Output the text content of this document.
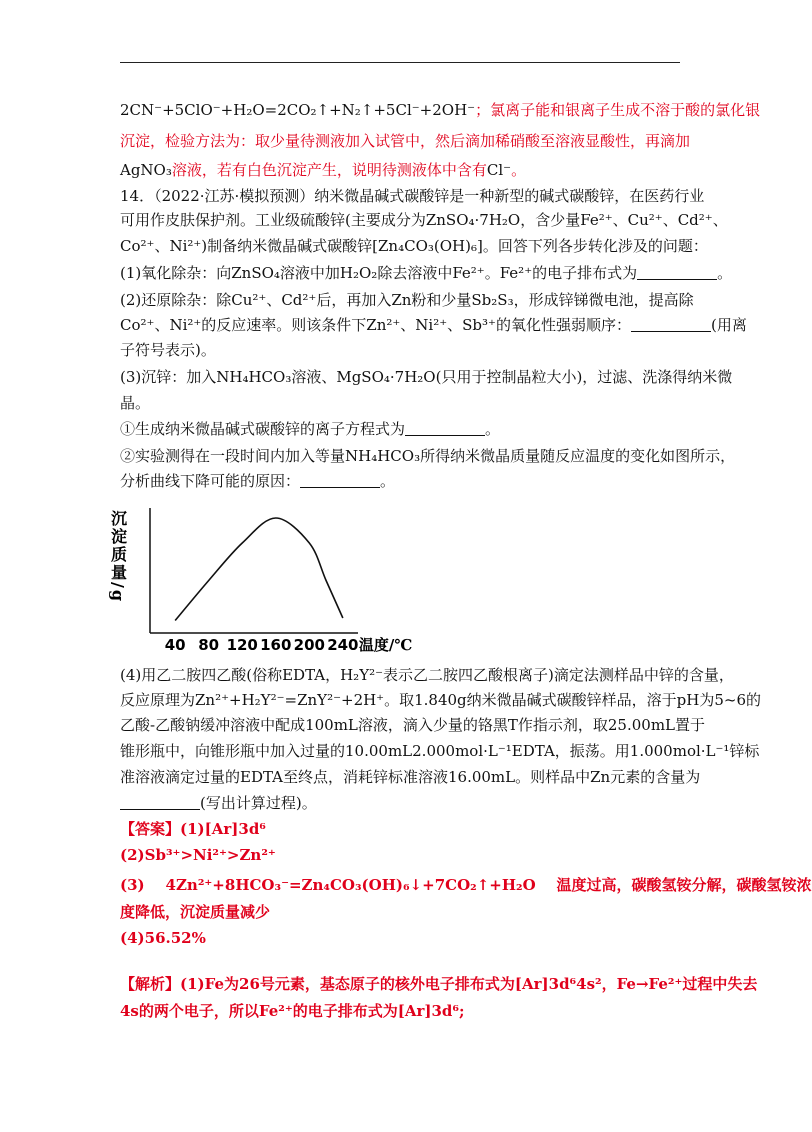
2CN⁻+5ClO⁻+H₂O=2CO₂↑+N₂↑+5Cl⁻+2OH⁻；氯离子能和银离子生成不溶于酸的氯化银
沉淀，检验方法为：取少量待测液加入试管中，然后滴加稀硝酸至溶液显酸性，再滴加
AgNO₃溶液，若有白色沉淀产生，说明待测液体中含有Cl⁻。
14．（2022·江苏·模拟预测）纳米微晶碱式碳酸锌是一种新型的碱式碳酸锌，在医药行业
可用作皮肤保护剂。工业级硫酸锌(主要成分为ZnSO₄·7H₂O，含少量Fe²⁺、Cu²⁺、Cd²⁺、
Co²⁺、Ni²⁺)制备纳米微晶碱式碳酸锌[Zn₄CO₃(OH)₆]。回答下列各步转化涉及的问题：
(1)氧化除杂：向ZnSO₄溶液中加H₂O₂除去溶液中Fe²⁺。Fe²⁺的电子排布式为	。
(2)还原除杂：除Cu²⁺、Cd²⁺后，再加入Zn粉和少量Sb₂S₃，形成锌锑微电池，提高除
Co²⁺、Ni²⁺的反应速率。则该条件下Zn²⁺、Ni²⁺、Sb³⁺的氧化性强弱顺序：	(用离
子符号表示)。
(3)沉锌：加入NH₄HCO₃溶液、MgSO₄·7H₂O(只用于控制晶粒大小)，过滤、洗涤得纳米微
晶。
①生成纳米微晶碱式碳酸锌的离子方程式为	。
②实验测得在一段时间内加入等量NH₄HCO₃所得纳米微晶质量随反应温度的变化如图所示，
分析曲线下降可能的原因：	。
沉淀质量/g
40 80 120 160 200 240 温度/℃
(4)用乙二胺四乙酸(俗称EDTA，H₂Y²⁻表示乙二胺四乙酸根离子)滴定法测样品中锌的含量，
反应原理为Zn²⁺+H₂Y²⁻=ZnY²⁻+2H⁺。取1.840g纳米微晶碱式碳酸锌样品，溶于pH为5~6的
乙酸-乙酸钠缓冲溶液中配成100mL溶液，滴入少量的铬黑T作指示剂，取25.00mL置于
锥形瓶中，向锥形瓶中加入过量的10.00mL2.000mol·L⁻¹EDTA，振荡。用1.000mol·L⁻¹锌标
准溶液滴定过量的EDTA至终点，消耗锌标准溶液16.00mL。则样品中Zn元素的含量为
(写出计算过程)。
【答案】(1)[Ar]3d⁶
(2)Sb³⁺>Ni²⁺>Zn²⁺
(3) 4Zn²⁺+8HCO₃⁻=Zn₄CO₃(OH)₆↓+7CO₂↑+H₂O 温度过高，碳酸氢铵分解，碳酸氢铵浓
度降低，沉淀质量减少
(4)56.52%
【解析】(1)Fe为26号元素，基态原子的核外电子排布式为[Ar]3d⁶4s²，Fe→Fe²⁺过程中失去
4s的两个电子，所以Fe²⁺的电子排布式为[Ar]3d⁶;
